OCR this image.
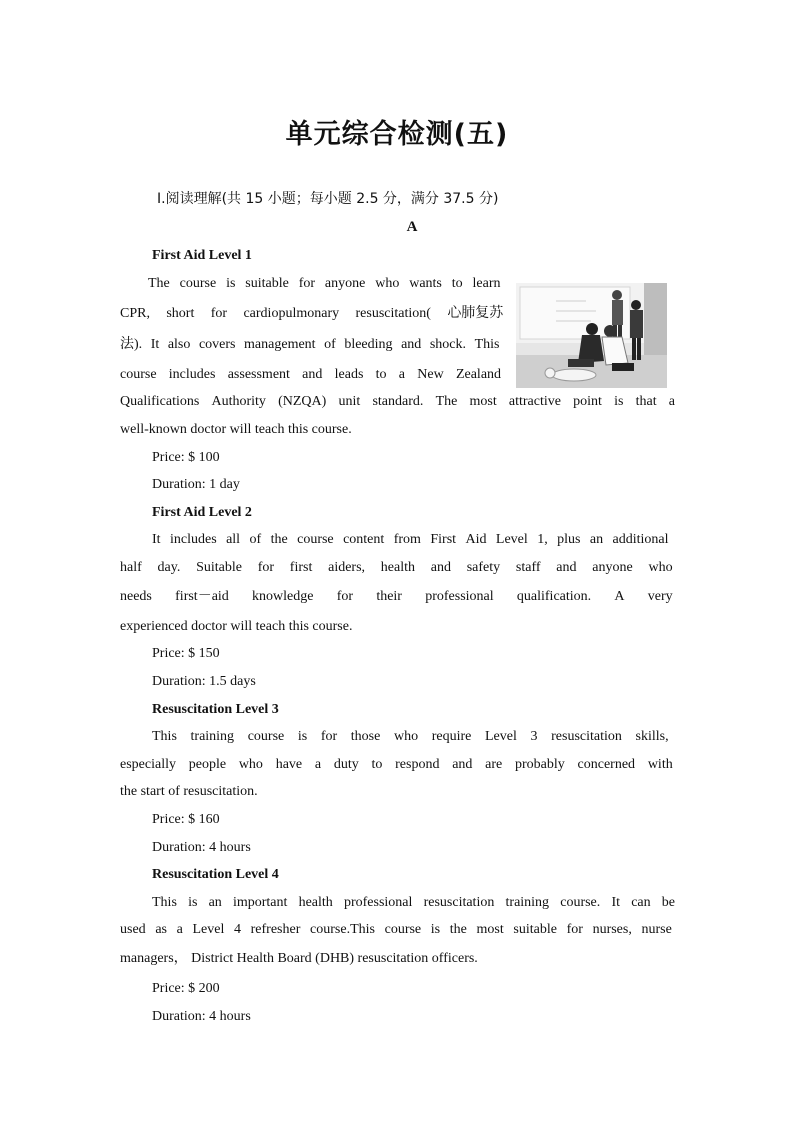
单元综合检测(五)
Ⅰ.阅读理解(共 15 小题；每小题 2.5 分，满分 37.5 分)
A
First Aid Level 1
The course is suitable for anyone who wants to learn
CPR, short for cardiopulmonary resuscitation( 心肺复苏
法). It also covers management of bleeding and shock. This
course includes assessment and leads to a New Zealand
Qualifications Authority (NZQA) unit standard. The most attractive point is that a
well-known doctor will teach this course.
Price: $ 100
Duration: 1 day
First Aid Level 2
It includes all of the course content from First Aid Level 1, plus an additional
half day. Suitable for first aiders, health and safety staff and anyone who
needs first－aid knowledge for their professional qualification. A very
experienced doctor will teach this course.
Price: $ 150
Duration: 1.5 days
Resuscitation Level 3
This training course is for those who require Level 3 resuscitation skills,
especially people who have a duty to respond and are probably concerned with
the start of resuscitation.
Price: $ 160
Duration: 4 hours
Resuscitation Level 4
This is an important health professional resuscitation training course. It can be
used as a Level 4 refresher course.This course is the most suitable for nurses, nurse
managers， District Health Board (DHB) resuscitation officers.
Price: $ 200
Duration: 4 hours
